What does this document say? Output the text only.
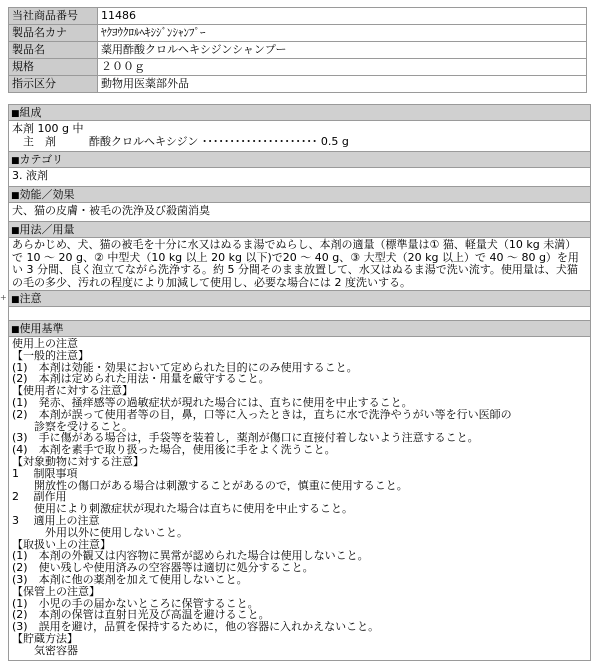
当社商品番号	11486
製品名カナ	ﾔｸﾖｳｸﾛﾙﾍｷｼｼﾞﾝｼｬﾝﾌﾟｰ
製品名	薬用酢酸クロルヘキシジンシャンプー
規格	２００ｇ
指示区分	動物用医薬部外品
■組成
本剤 100 g 中
　主　剤　　　酢酸クロルヘキシジン ･････････････････････ 0.5 g
■カテゴリ
3. 液剤
■効能／効果
犬、猫の皮膚・被毛の洗浄及び殺菌消臭
■用法／用量
あらかじめ、犬、猫の被毛を十分に水又はぬるま湯でぬらし、本剤の適量（標準量は① 猫、軽量犬（10 kg 未満）で 10 ～ 20 g、② 中型犬（10 kg 以上 20 kg 以下)で20 ～ 40 g、③ 大型犬（20 kg 以上）で 40 ～ 80 g）を用い 3 分間、良く泡立てながら洗浄する。約 5 分間そのまま放置して、水又はぬるま湯で洗い流す。使用量は、犬猫の毛の多少、汚れの程度により加減して使用し、必要な場合には 2 度洗いする。
+ ■注意
■使用基準
使用上の注意
【一般的注意】
(1)　本剤は効能・効果において定められた目的にのみ使用すること。
(2)　本剤は定められた用法・用量を厳守すること。
【使用者に対する注意】
(1)　発赤、掻痒感等の過敏症状が現れた場合には、直ちに使用を中止すること。
(2)　本剤が誤って使用者等の目，鼻，口等に入ったときは，直ちに水で洗浄やうがい等を行い医師の
　　診察を受けること。
(3)　手に傷がある場合は，手袋等を装着し，薬剤が傷口に直接付着しないよう注意すること。
(4)　本剤を素手で取り扱った場合，使用後に手をよく洗うこと。
【対象動物に対する注意】
1　 制限事項
　　開放性の傷口がある場合は刺激することがあるので，慎重に使用すること。
2　 副作用
　　使用により刺激症状が現れた場合は直ちに使用を中止すること。
3　 適用上の注意
　　　外用以外に使用しないこと。
【取扱い上の注意】
(1)　本剤の外観又は内容物に異常が認められた場合は使用しないこと。
(2)　使い残しや使用済みの空容器等は適切に処分すること。
(3)　本剤に他の薬剤を加えて使用しないこと。
【保管上の注意】
(1)　小児の手の届かないところに保管すること。
(2)　本剤の保管は直射日光及び高温を避けること。
(3)　誤用を避け，品質を保持するために，他の容器に入れかえないこと。
【貯蔵方法】
　　気密容器
